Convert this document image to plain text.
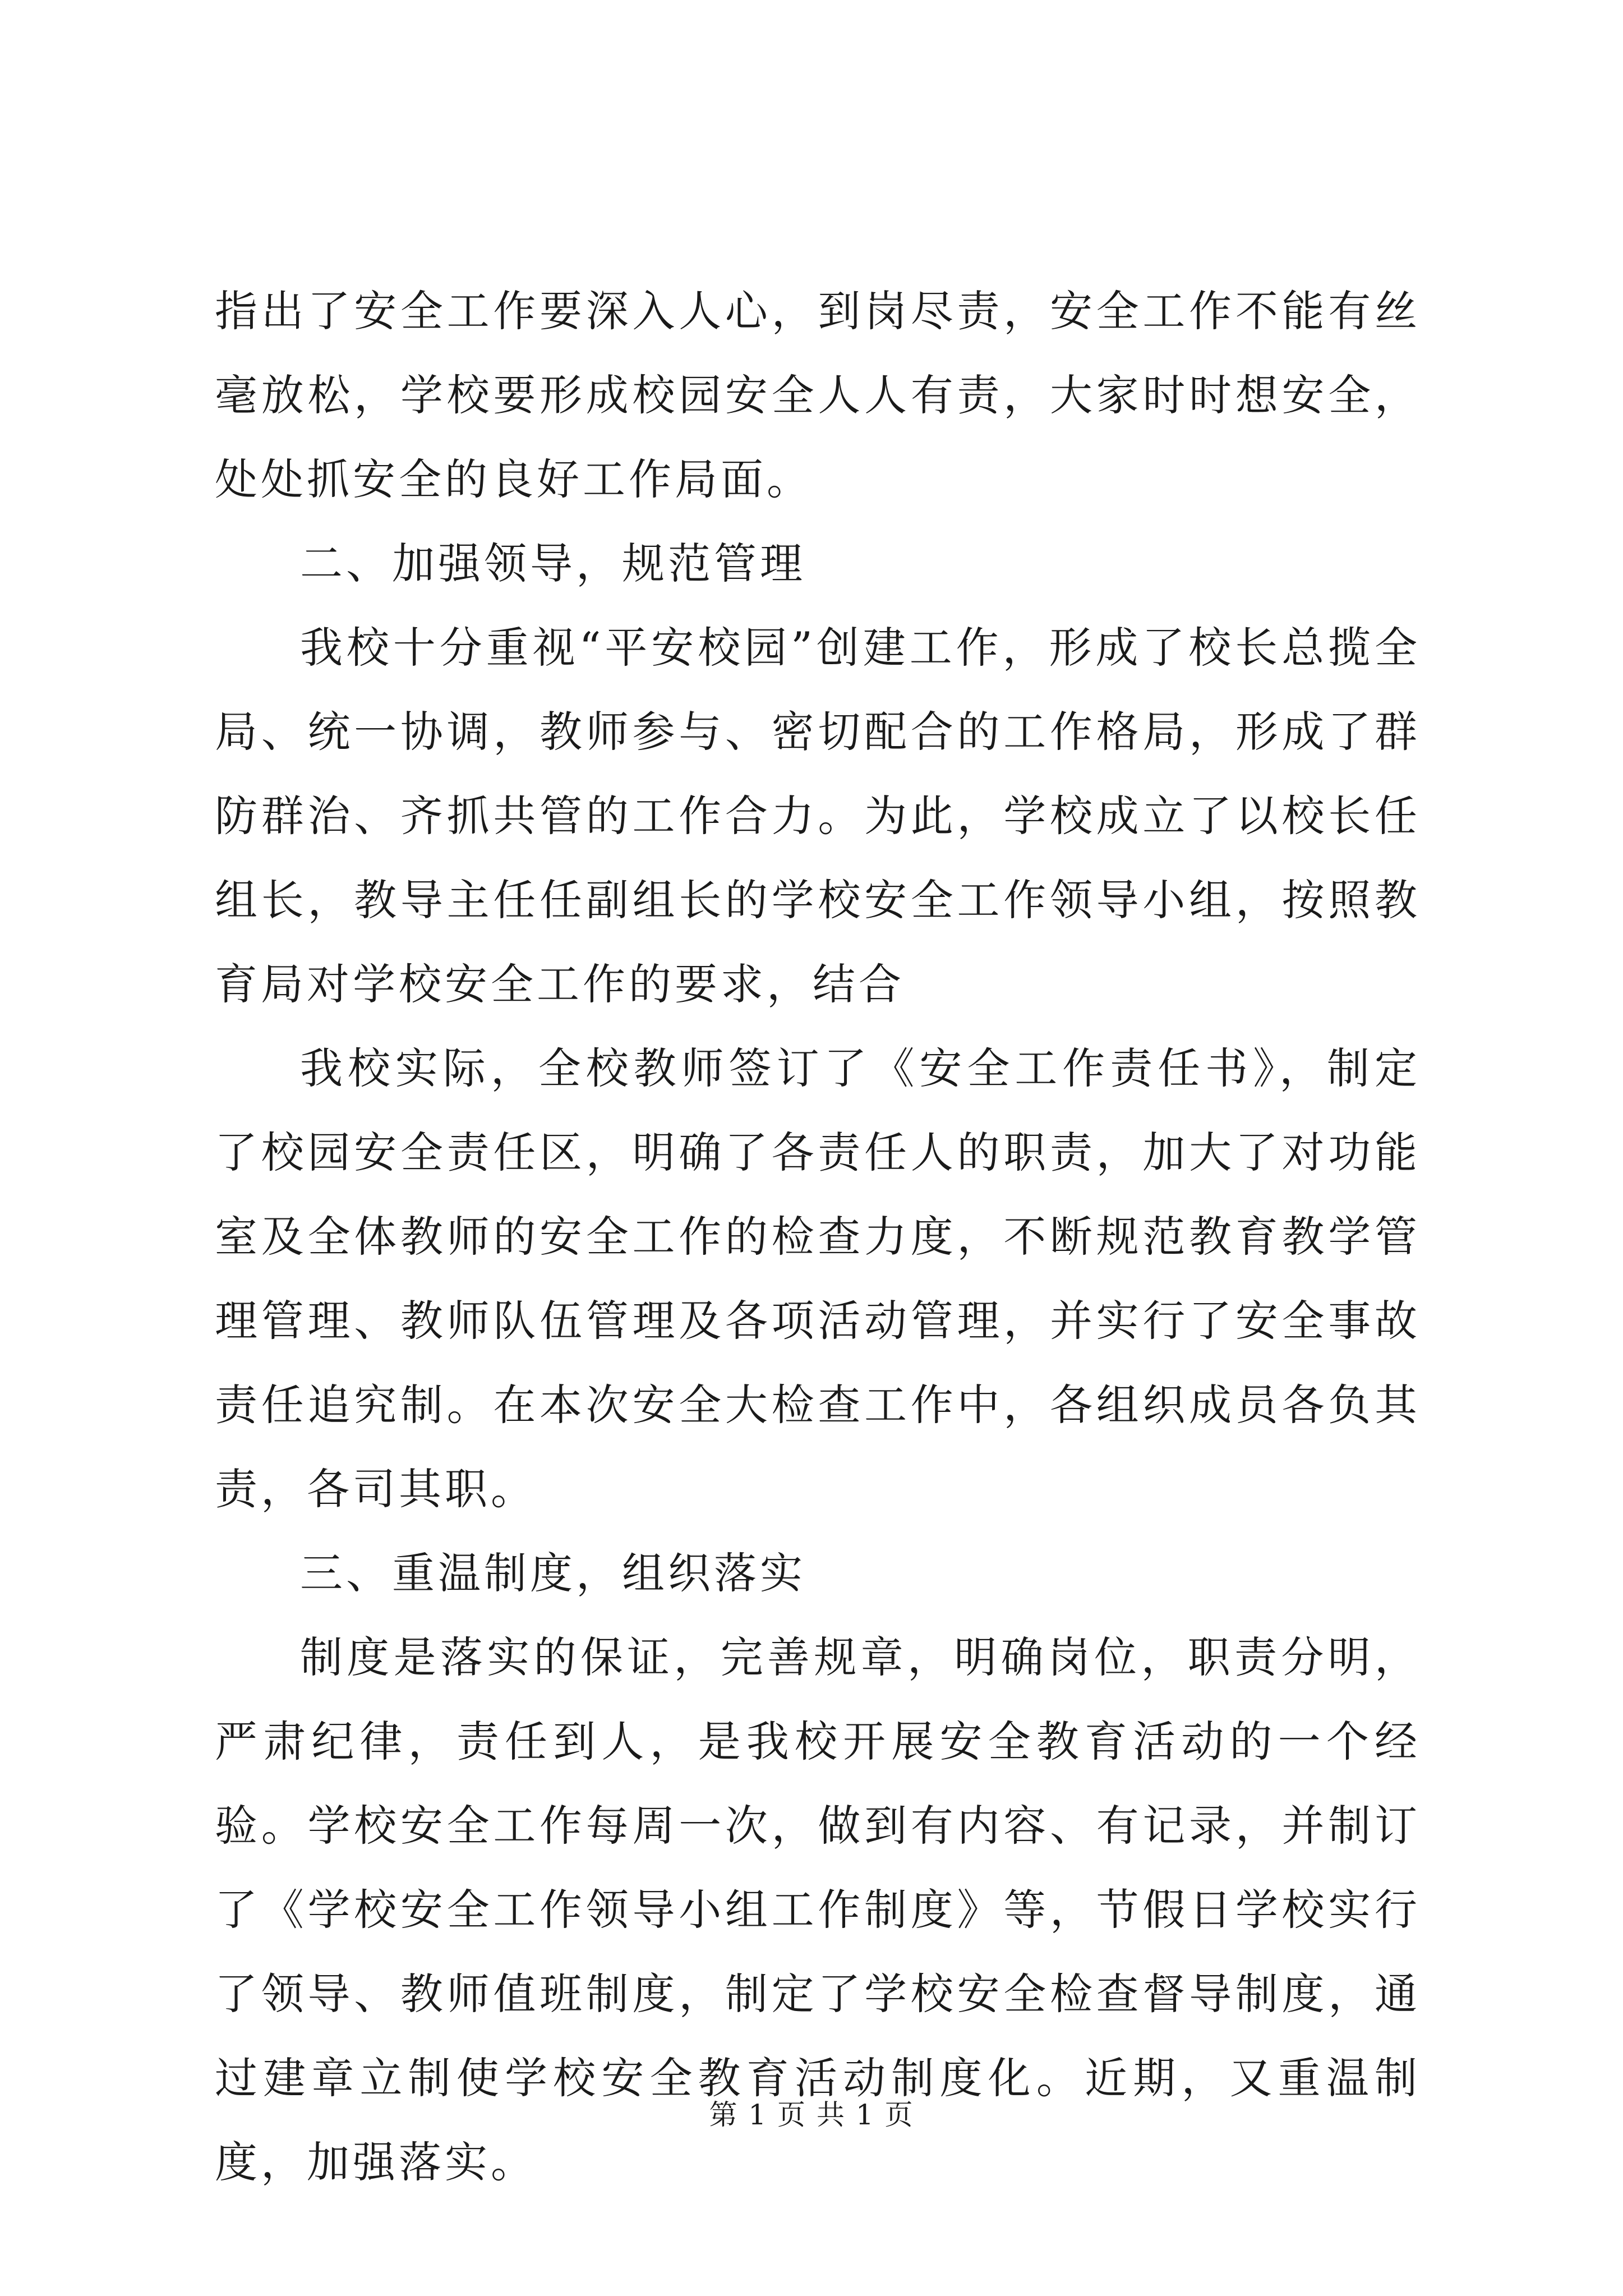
指出了安全工作要深入人心，到岗尽责，安全工作不能有丝毫放松，学校要形成校园安全人人有责，大家时时想安全，处处抓安全的良好工作局面。

二、加强领导，规范管理

我校十分重视“平安校园”创建工作，形成了校长总揽全局、统一协调，教师参与、密切配合的工作格局，形成了群防群治、齐抓共管的工作合力。为此，学校成立了以校长任组长，教导主任任副组长的学校安全工作领导小组，按照教育局对学校安全工作的要求，结合

我校实际，全校教师签订了《安全工作责任书》，制定了校园安全责任区，明确了各责任人的职责，加大了对功能室及全体教师的安全工作的检查力度，不断规范教育教学管理管理、教师队伍管理及各项活动管理，并实行了安全事故责任追究制。在本次安全大检查工作中，各组织成员各负其责，各司其职。

三、重温制度，组织落实

制度是落实的保证，完善规章，明确岗位，职责分明，严肃纪律，责任到人，是我校开展安全教育活动的一个经验。学校安全工作每周一次，做到有内容、有记录，并制订了《学校安全工作领导小组工作制度》等，节假日学校实行了领导、教师值班制度，制定了学校安全检查督导制度，通过建章立制使学校安全教育活动制度化。近期，又重温制度，加强落实。

第 1 页 共 1 页
